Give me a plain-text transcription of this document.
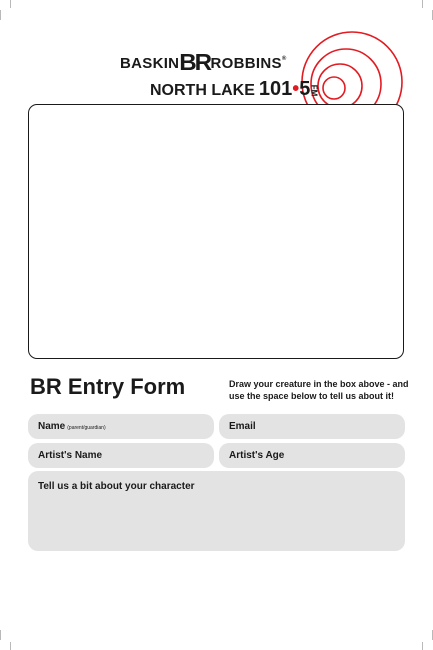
BASKINBRROBBINS®
NORTH LAKE 101•5FM
BR Entry Form	Draw your creature in the box above - and use the space below to tell us about it!
Name (parent/guardian)	Email
Artist's Name	Artist's Age
Tell us a bit about your character
